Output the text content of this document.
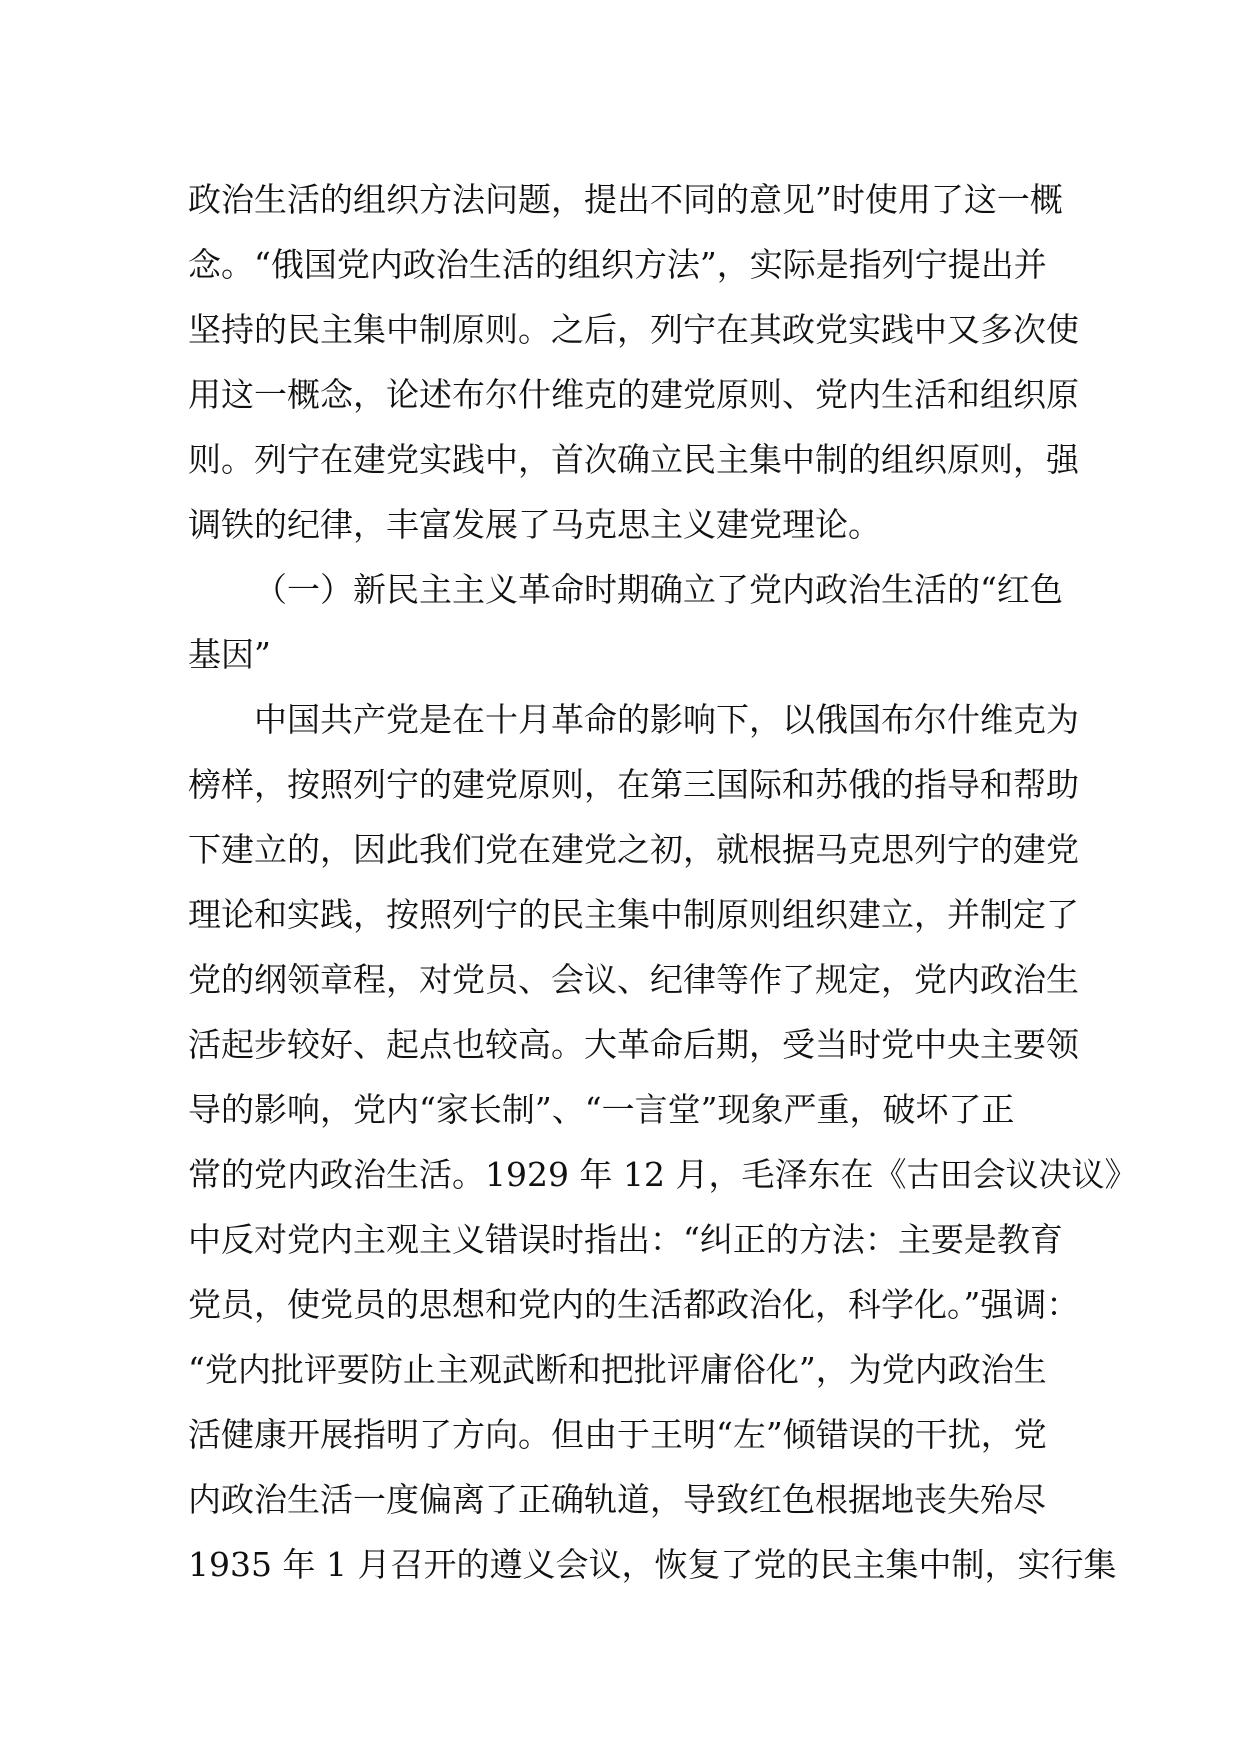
政治生活的组织方法问题，提出不同的意见”时使用了这一概
念。“俄国党内政治生活的组织方法”，实际是指列宁提出并
坚持的民主集中制原则。之后，列宁在其政党实践中又多次使
用这一概念，论述布尔什维克的建党原则、党内生活和组织原
则。列宁在建党实践中，首次确立民主集中制的组织原则，强
调铁的纪律，丰富发展了马克思主义建党理论。
（一）新民主主义革命时期确立了党内政治生活的“红色
基因”
中国共产党是在十月革命的影响下，以俄国布尔什维克为
榜样，按照列宁的建党原则，在第三国际和苏俄的指导和帮助
下建立的，因此我们党在建党之初，就根据马克思列宁的建党
理论和实践，按照列宁的民主集中制原则组织建立，并制定了
党的纲领章程，对党员、会议、纪律等作了规定，党内政治生
活起步较好、起点也较高。大革命后期，受当时党中央主要领
导的影响，党内“家长制”、“一言堂”现象严重，破坏了正
常的党内政治生活。1929 年 12 月，毛泽东在《古田会议决议》
中反对党内主观主义错误时指出：“纠正的方法：主要是教育
党员，使党员的思想和党内的生活都政治化，科学化。”强调：
“党内批评要防止主观武断和把批评庸俗化”，为党内政治生
活健康开展指明了方向。但由于王明“左”倾错误的干扰，党
内政治生活一度偏离了正确轨道，导致红色根据地丧失殆尽
1935 年 1 月召开的遵义会议，恢复了党的民主集中制，实行集
